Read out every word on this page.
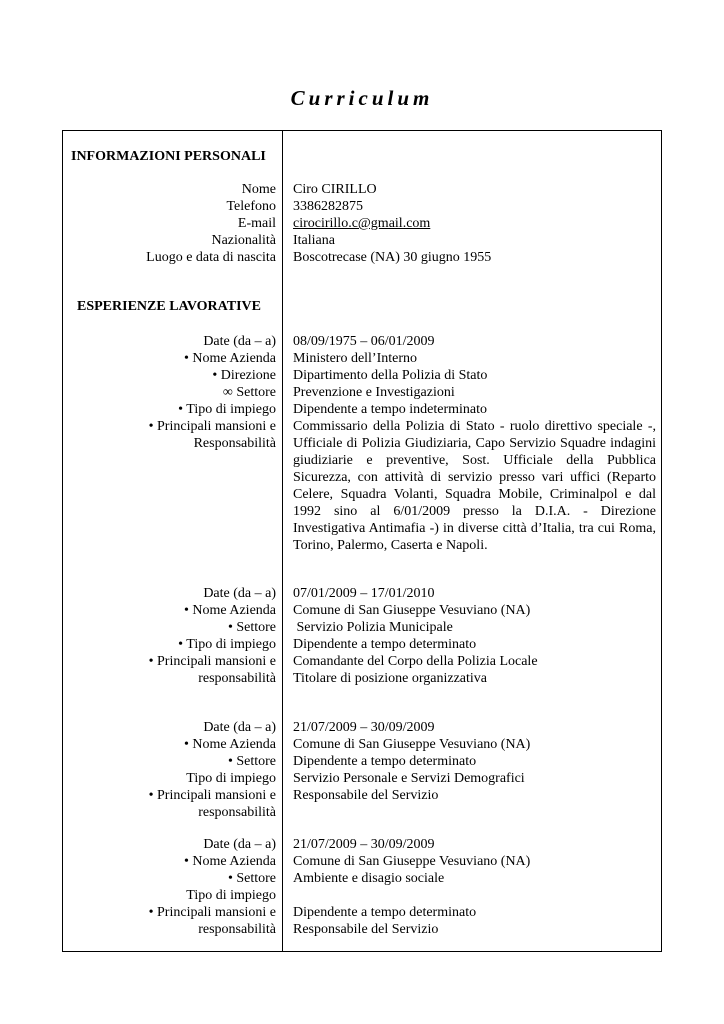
Curriculum
INFORMAZIONI PERSONALI
Nome
Telefono
E-mail
Nazionalità
Luogo e data di nascita
Ciro CIRILLO
3386282875
cirocirillo.c@gmail.com
Italiana
Boscotrecase (NA) 30 giugno 1955
ESPERIENZE LAVORATIVE
Date (da – a)
• Nome Azienda
• Direzione
∞ Settore
• Tipo di impiego
• Principali mansioni e
Responsabilità
08/09/1975 – 06/01/2009
Ministero dell’Interno
Dipartimento della Polizia di Stato
Prevenzione e Investigazioni
Dipendente a tempo indeterminato
Commissario della Polizia di Stato - ruolo direttivo speciale -, Ufficiale di Polizia Giudiziaria, Capo Servizio Squadre indagini giudiziarie e preventive, Sost. Ufficiale della Pubblica Sicurezza, con attività di servizio presso vari uffici (Reparto Celere, Squadra Volanti, Squadra Mobile, Criminalpol e dal 1992 sino al 6/01/2009 presso la D.I.A. - Direzione Investigativa Antimafia -) in diverse città d’Italia, tra cui Roma, Torino, Palermo, Caserta e Napoli.
Date (da – a)
• Nome Azienda
• Settore
• Tipo di impiego
• Principali mansioni e
responsabilità
07/01/2009 – 17/01/2010
Comune di San Giuseppe Vesuviano (NA)
Servizio Polizia Municipale
Dipendente a tempo determinato
Comandante del Corpo della Polizia Locale
Titolare di posizione organizzativa
Date (da – a)
• Nome Azienda
• Settore
Tipo di impiego
• Principali mansioni e
responsabilità
21/07/2009 – 30/09/2009
Comune di San Giuseppe Vesuviano (NA)
Dipendente a tempo determinato
Servizio Personale e Servizi Demografici
Responsabile del Servizio
Date (da – a)
• Nome Azienda
• Settore
Tipo di impiego
• Principali mansioni e
responsabilità
21/07/2009 – 30/09/2009
Comune di San Giuseppe Vesuviano (NA)
Ambiente e disagio sociale
Dipendente a tempo determinato
Responsabile del Servizio
